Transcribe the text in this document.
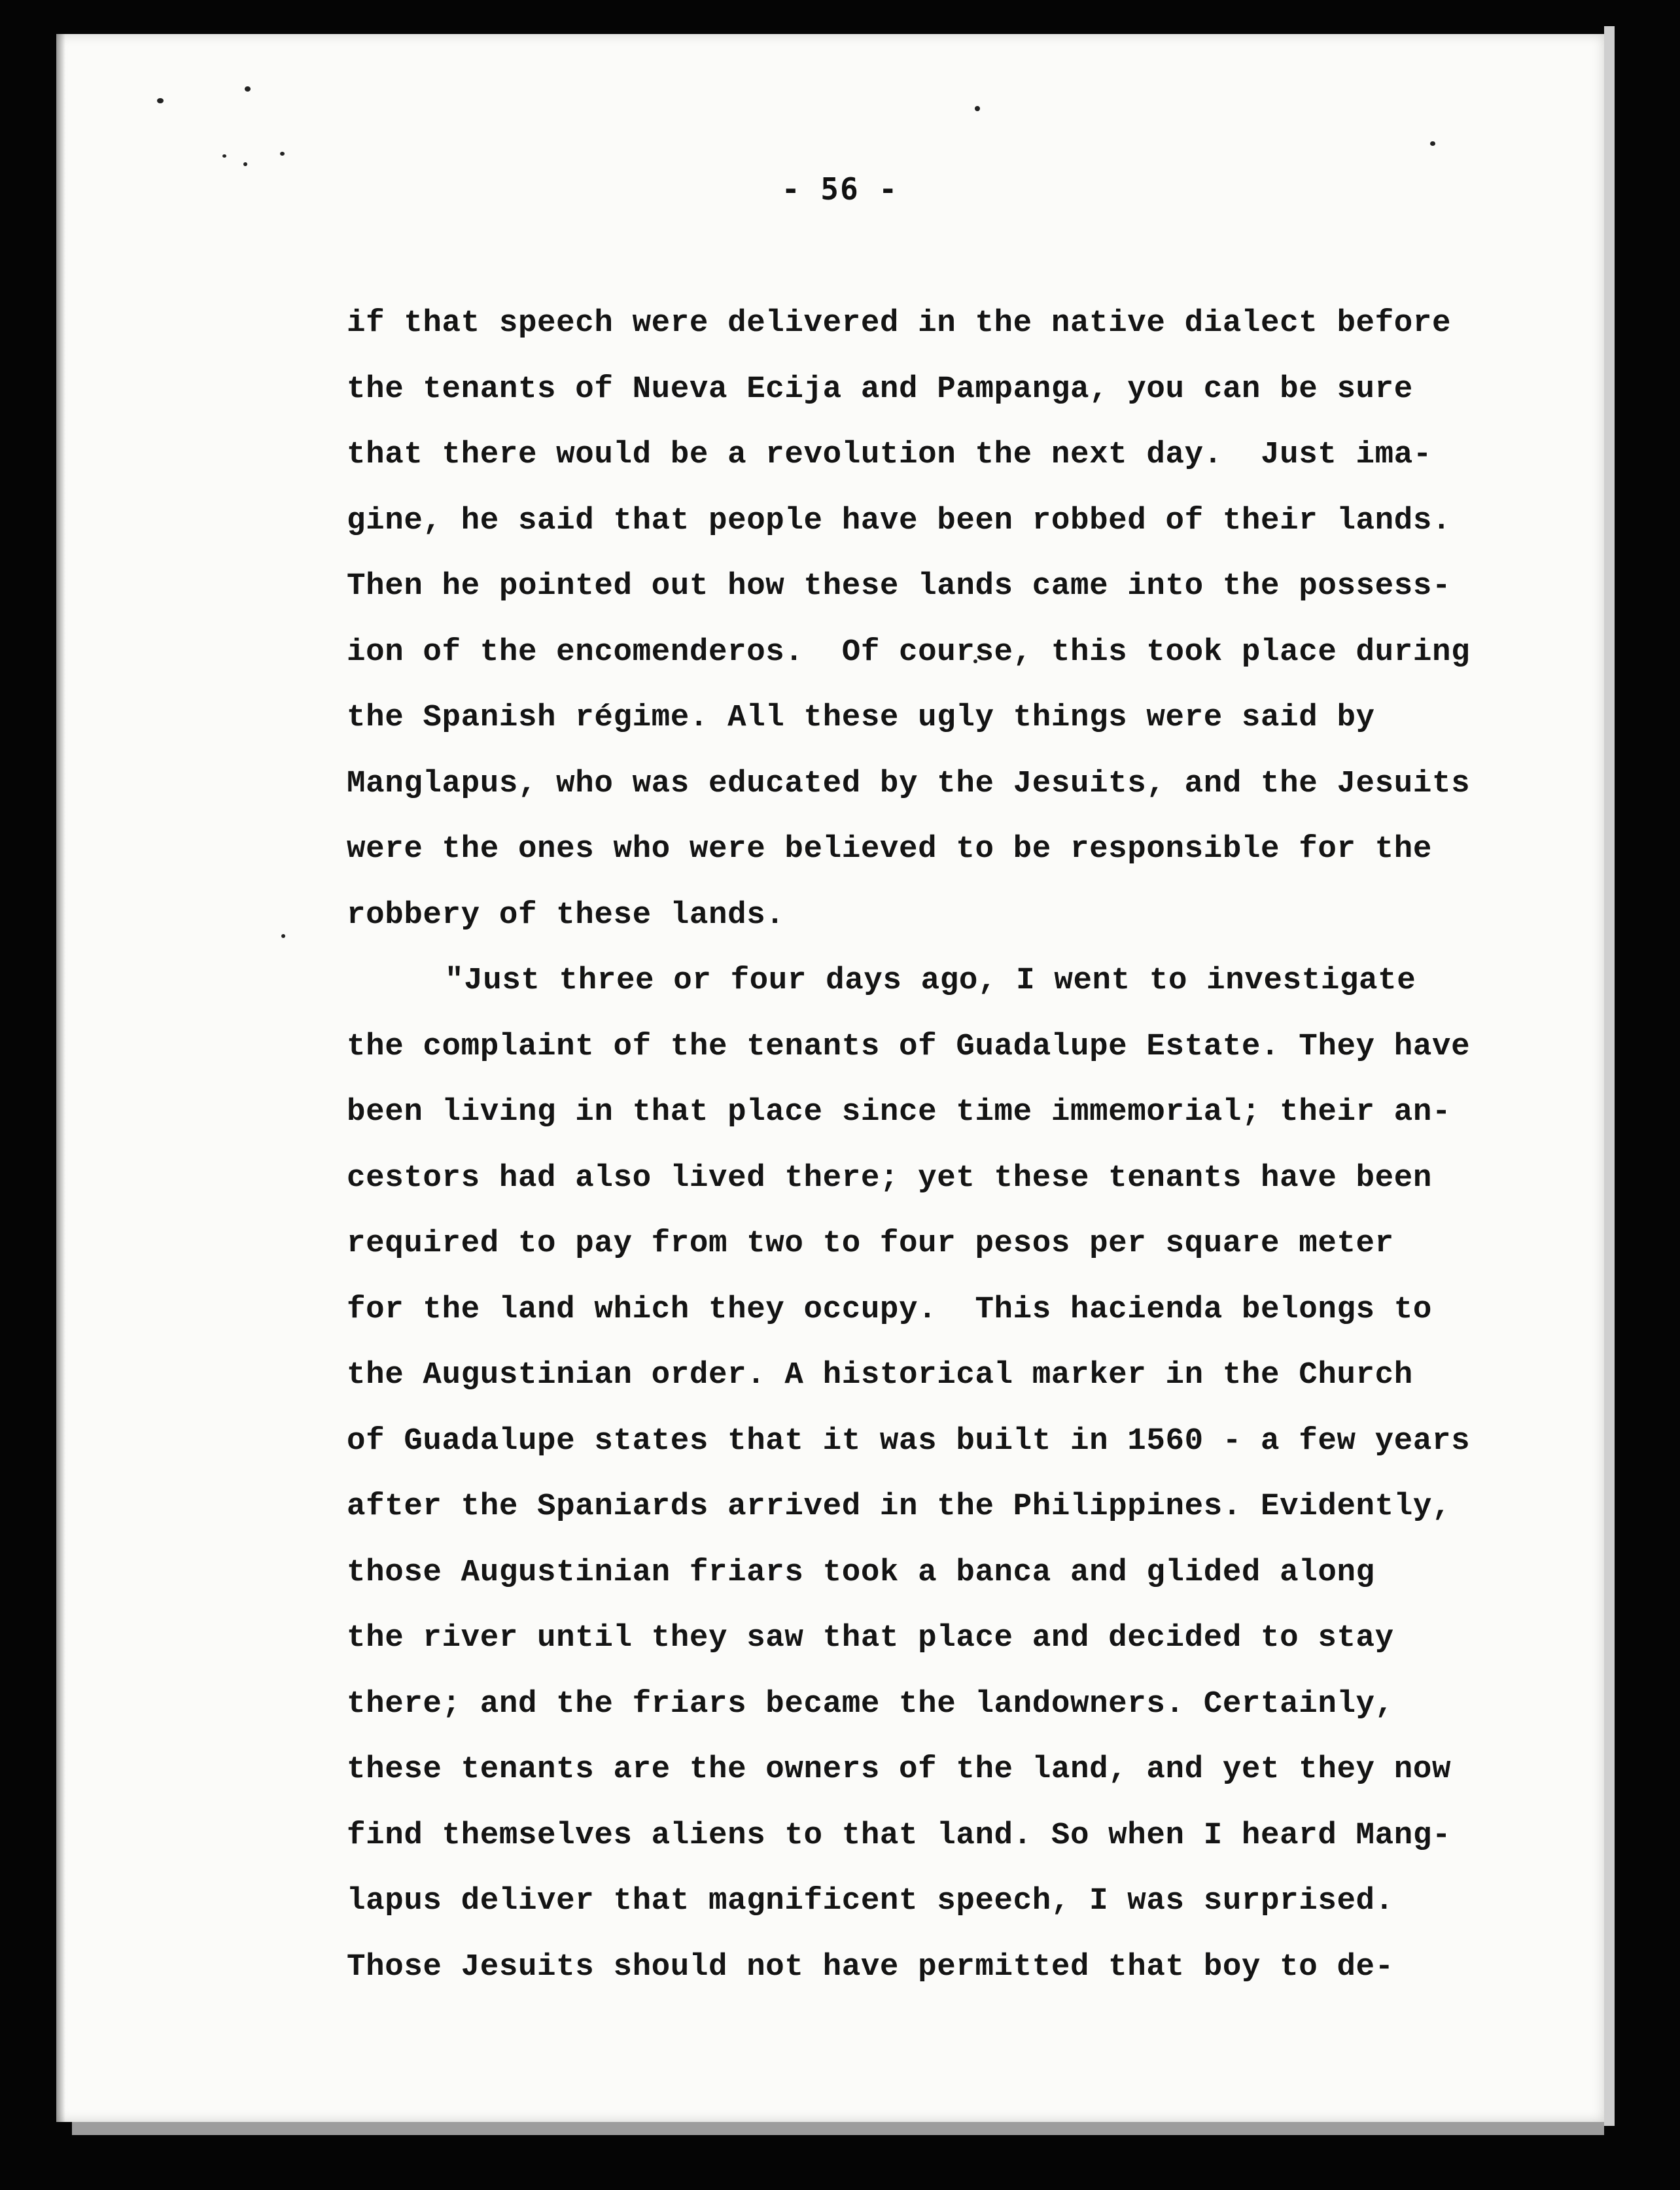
- 56 -
if that speech were delivered in the native dialect before
the tenants of Nueva Ecija and Pampanga, you can be sure
that there would be a revolution the next day.  Just ima-
gine, he said that people have been robbed of their lands.
Then he pointed out how these lands came into the possess-
ion of the encomenderos.  Of course, this took place during
the Spanish régime. All these ugly things were said by
Manglapus, who was educated by the Jesuits, and the Jesuits
were the ones who were believed to be responsible for the
robbery of these lands.
"Just three or four days ago, I went to investigate
the complaint of the tenants of Guadalupe Estate. They have
been living in that place since time immemorial; their an-
cestors had also lived there; yet these tenants have been
required to pay from two to four pesos per square meter
for the land which they occupy.  This hacienda belongs to
the Augustinian order. A historical marker in the Church
of Guadalupe states that it was built in 1560 - a few years
after the Spaniards arrived in the Philippines. Evidently,
those Augustinian friars took a banca and glided along
the river until they saw that place and decided to stay
there; and the friars became the landowners. Certainly,
these tenants are the owners of the land, and yet they now
find themselves aliens to that land. So when I heard Mang-
lapus deliver that magnificent speech, I was surprised.
Those Jesuits should not have permitted that boy to de-
